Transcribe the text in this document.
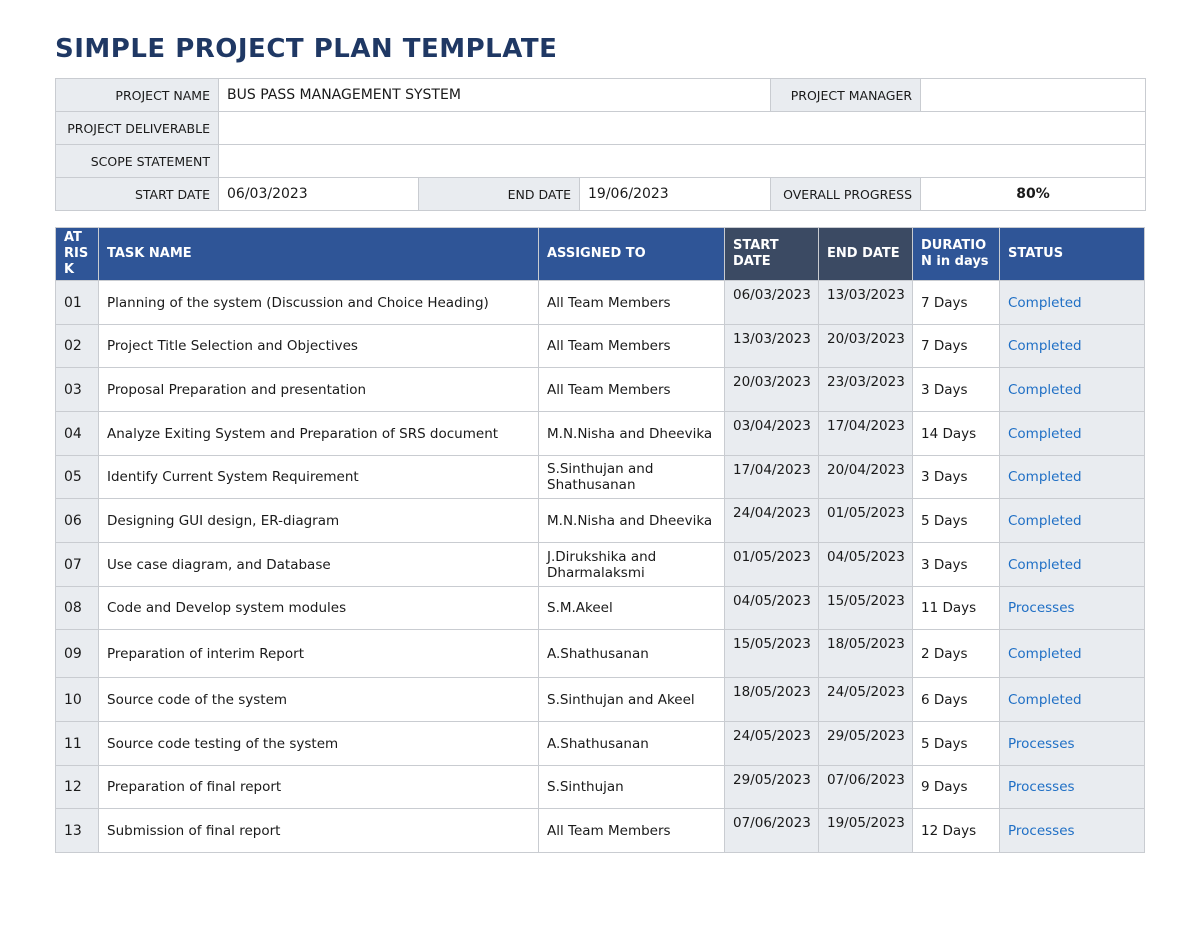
SIMPLE PROJECT PLAN TEMPLATE
PROJECT NAME	BUS PASS MANAGEMENT SYSTEM			PROJECT MANAGER	
PROJECT DELIVERABLE					
SCOPE STATEMENT					
START DATE	06/03/2023	END DATE	19/06/2023	OVERALL PROGRESS	80%
AT RIS K	TASK NAME	ASSIGNED TO	START DATE	END DATE	DURATIO N in days	STATUS
01	Planning of the system (Discussion and Choice Heading)	All Team Members	06/03/2023	13/03/2023	7 Days	Completed
02	Project Title Selection and Objectives	All Team Members	13/03/2023	20/03/2023	7 Days	Completed
03	Proposal Preparation and presentation	All Team Members	20/03/2023	23/03/2023	3 Days	Completed
04	Analyze Exiting System and Preparation of SRS document	M.N.Nisha and Dheevika	03/04/2023	17/04/2023	14 Days	Completed
05	Identify Current System Requirement	S.Sinthujan and Shathusanan	17/04/2023	20/04/2023	3 Days	Completed
06	Designing GUI design, ER-diagram	M.N.Nisha and Dheevika	24/04/2023	01/05/2023	5 Days	Completed
07	Use case diagram, and Database	J.Dirukshika and Dharmalaksmi	01/05/2023	04/05/2023	3 Days	Completed
08	Code and Develop system modules	S.M.Akeel	04/05/2023	15/05/2023	11 Days	Processes
09	Preparation of interim Report	A.Shathusanan	15/05/2023	18/05/2023	2 Days	Completed
10	Source code of the system	S.Sinthujan and Akeel	18/05/2023	24/05/2023	6 Days	Completed
11	Source code testing of the system	A.Shathusanan	24/05/2023	29/05/2023	5 Days	Processes
12	Preparation of final report	S.Sinthujan	29/05/2023	07/06/2023	9 Days	Processes
13	Submission of final report	All Team Members	07/06/2023	19/05/2023	12 Days	Processes
